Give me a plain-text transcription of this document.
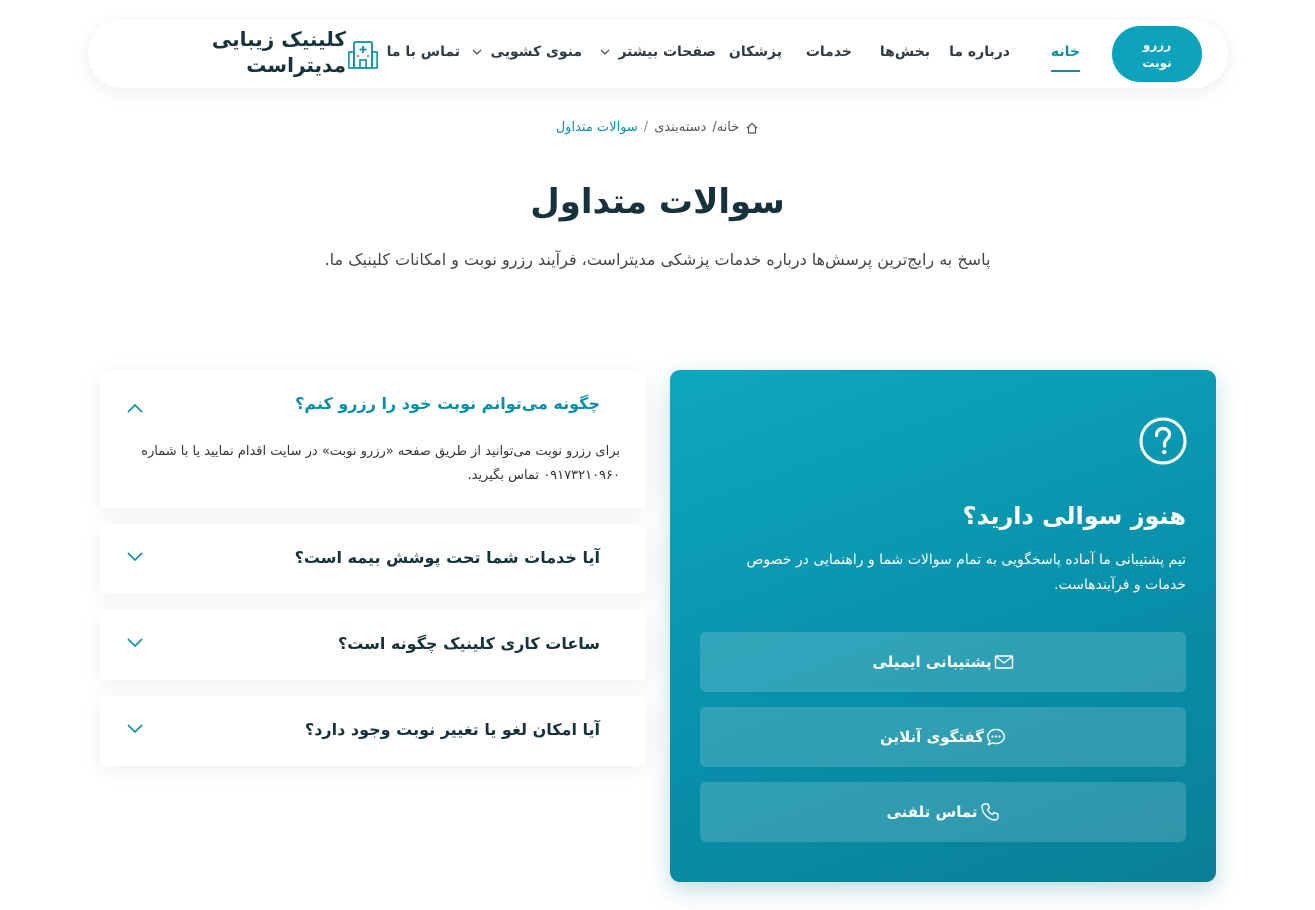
رزرو نوبت
خانه
درباره ما
بخش‌ها
خدمات
پزشکان
صفحات بیشتر
منوی کشویی
تماس با ما
کلینیک زیبایی مدیتراست
خانه/
دسته‌بندی
/
سوالات متداول
سوالات متداول

پاسخ به رایج‌ترین پرسش‌ها درباره خدمات پزشکی مدیتراست، فرآیند رزرو نوبت و امکانات کلینیک ما.

چگونه می‌توانم نوبت خود را رزرو کنم؟
برای رزرو نوبت می‌توانید از طریق صفحه «رزرو نوبت» در سایت اقدام نمایید یا با شماره ۰۹۱۷۳۲۱۰۹۶۰ تماس بگیرید.
آیا خدمات شما تحت پوشش بیمه است؟
ساعات کاری کلینیک چگونه است؟
آیا امکان لغو یا تغییر نوبت وجود دارد؟
هنوز سوالی دارید؟
تیم پشتیبانی ما آماده پاسخگویی به تمام سوالات شما و راهنمایی در خصوص خدمات و فرآیندهاست.
پشتیبانی ایمیلی
گفتگوی آنلاین
تماس تلفنی
